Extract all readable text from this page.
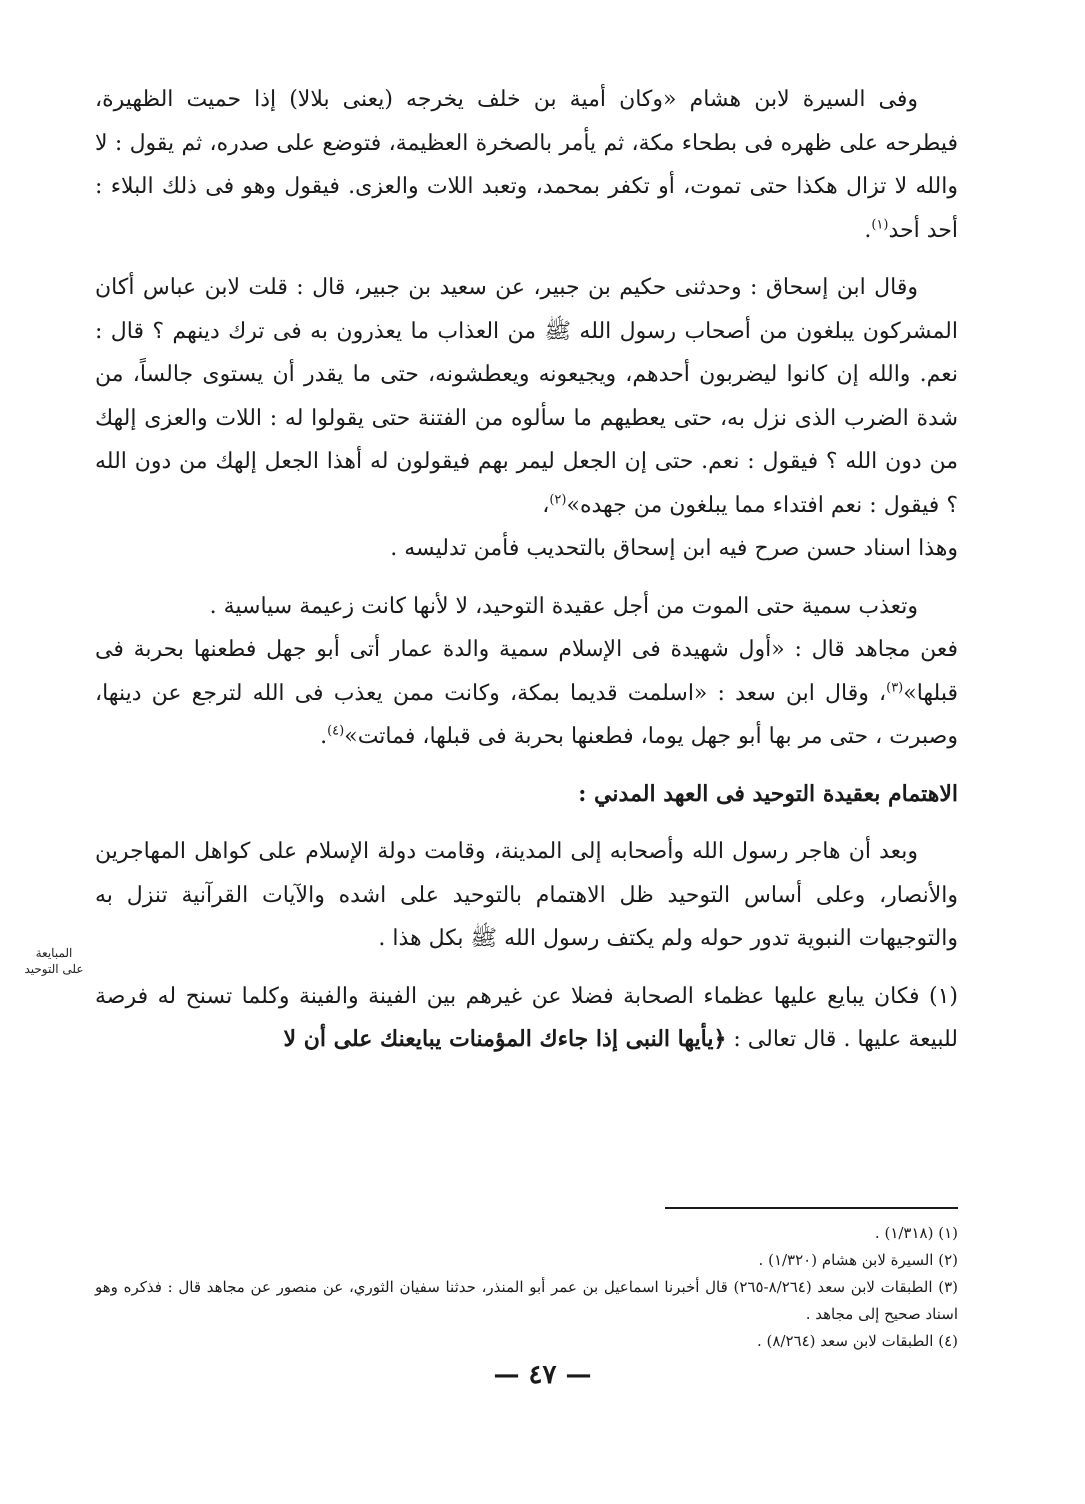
وفى السيرة لابن هشام «وكان أمية بن خلف يخرجه (يعنى بلالا) إذا حميت الظهيرة، فيطرحه على ظهره فى بطحاء مكة، ثم يأمر بالصخرة العظيمة، فتوضع على صدره، ثم يقول : لا والله لا تزال هكذا حتى تموت، أو تكفر بمحمد، وتعبد اللات والعزى. فيقول وهو فى ذلك البلاء : أحد أحد$^{(١)}$.

وقال ابن إسحاق : وحدثنى حكيم بن جبير، عن سعيد بن جبير، قال : قلت لابن عباس أكان المشركون يبلغون من أصحاب رسول الله ﷺ من العذاب ما يعذرون به فى ترك دينهم ؟ قال : نعم. والله إن كانوا ليضربون أحدهم، ويجيعونه ويعطشونه، حتى ما يقدر أن يستوى جالساً، من شدة الضرب الذى نزل به، حتى يعطيهم ما سألوه من الفتنة حتى يقولوا له : اللات والعزى إلهك من دون الله ؟ فيقول : نعم. حتى إن الجعل ليمر بهم فيقولون له أهذا الجعل إلهك من دون الله ؟ فيقول : نعم افتداء مما يبلغون من جهده»$^{(٢)}$،
وهذا اسناد حسن صرح فيه ابن إسحاق بالتحديب فأمن تدليسه .

وتعذب سمية حتى الموت من أجل عقيدة التوحيد، لا لأنها كانت زعيمة سياسية .
فعن مجاهد قال : «أول شهيدة فى الإسلام سمية والدة عمار أتى أبو جهل فطعنها بحربة فى قبلها»$^{(٣)}$، وقال ابن سعد : «اسلمت قديما بمكة، وكانت ممن يعذب فى الله لترجع عن دينها، وصبرت ، حتى مر بها أبو جهل يوما، فطعنها بحربة فى قبلها، فماتت»$^{(٤)}$.

الاهتمام بعقيدة التوحيد فى العهد المدني :

وبعد أن هاجر رسول الله وأصحابه إلى المدينة، وقامت دولة الإسلام على كواهل المهاجرين والأنصار، وعلى أساس التوحيد ظل الاهتمام بالتوحيد على اشده والآيات القرآنية تنزل به والتوجيهات النبوية تدور حوله ولم يكتف رسول الله ﷺ بكل هذا .

(١) فكان يبايع عليها عظماء الصحابة فضلا عن غيرهم بين الفينة والفينة وكلما تسنح له فرصة للبيعة عليها . قال تعالى : ﴿يأيها النبى إذا جاءك المؤمنات يبايعنك على أن لا

المبايعة
على التوحيد

(١) (١/٣١٨) .

(٢) السيرة لابن هشام (١/٣٢٠) .

(٣) الطبقات لابن سعد (٨/٢٦٤-٢٦٥) قال أخبرنا اسماعيل بن عمر أبو المنذر، حدثنا سفيان الثوري، عن منصور عن مجاهد قال : فذكره وهو اسناد صحيح إلى مجاهد .

(٤) الطبقات لابن سعد (٨/٢٦٤) .

— ٤٧ —
